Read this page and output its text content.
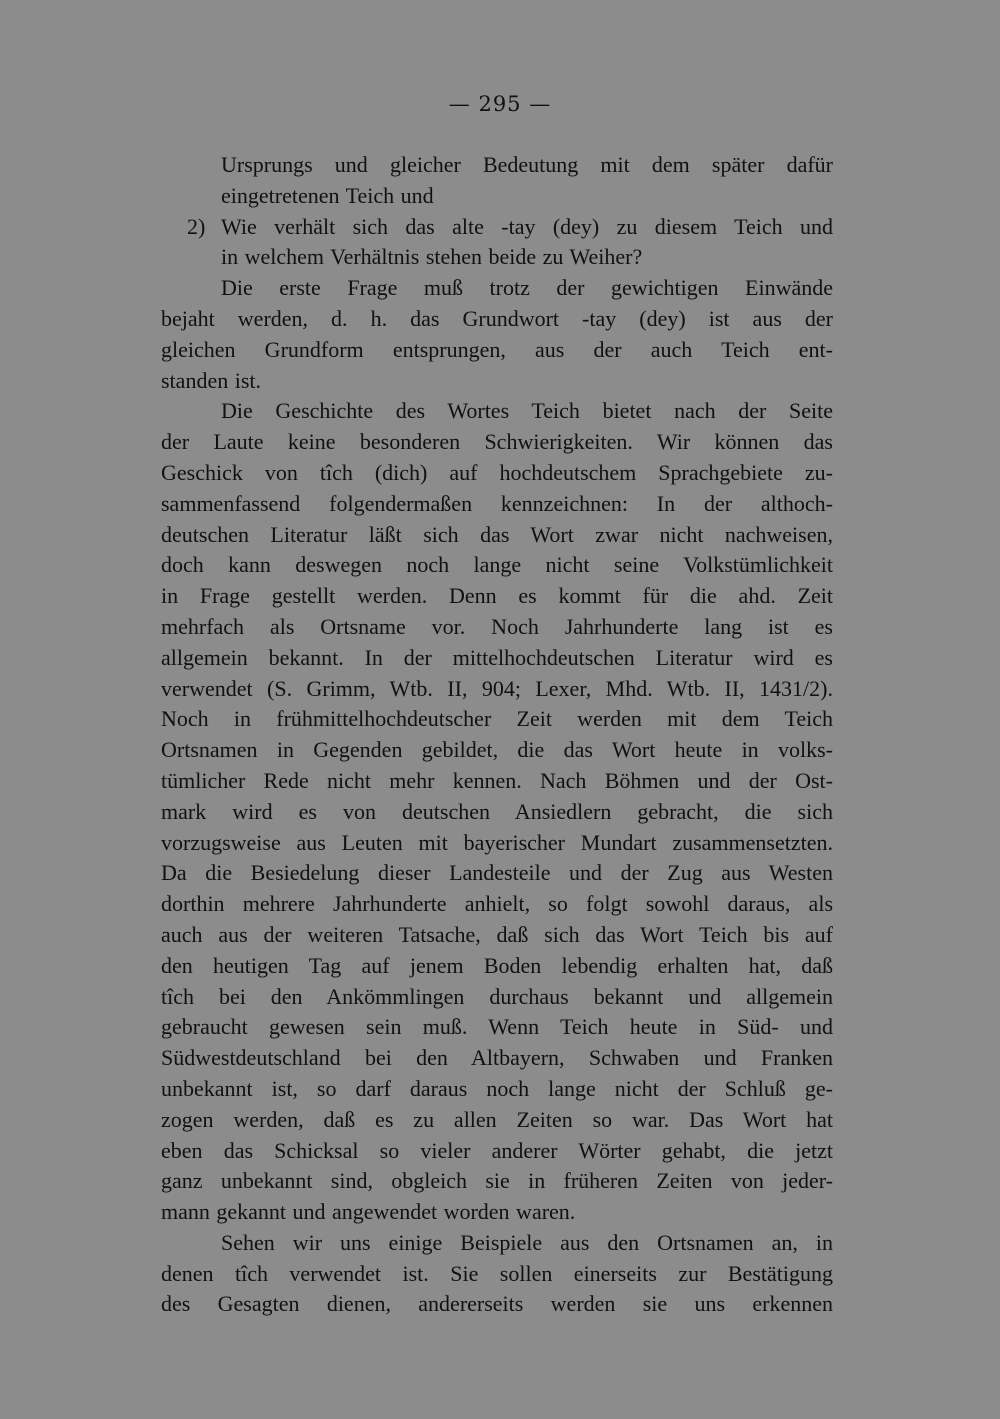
— 295 —
Ursprungs und gleicher Bedeutung mit dem später dafür
eingetretenen Teich und
2) Wie verhält sich das alte -tay (dey) zu diesem Teich und
in welchem Verhältnis stehen beide zu Weiher?
Die erste Frage muß trotz der gewichtigen Einwände
bejaht werden, d. h. das Grundwort -tay (dey) ist aus der
gleichen Grundform entsprungen, aus der auch Teich ent-
standen ist.
Die Geschichte des Wortes Teich bietet nach der Seite
der Laute keine besonderen Schwierigkeiten. Wir können das
Geschick von tîch (dich) auf hochdeutschem Sprachgebiete zu-
sammenfassend folgendermaßen kennzeichnen: In der althoch-
deutschen Literatur läßt sich das Wort zwar nicht nachweisen,
doch kann deswegen noch lange nicht seine Volkstümlichkeit
in Frage gestellt werden. Denn es kommt für die ahd. Zeit
mehrfach als Ortsname vor. Noch Jahrhunderte lang ist es
allgemein bekannt. In der mittelhochdeutschen Literatur wird es
verwendet (S. Grimm, Wtb. II, 904; Lexer, Mhd. Wtb. II, 1431/2).
Noch in frühmittelhochdeutscher Zeit werden mit dem Teich
Ortsnamen in Gegenden gebildet, die das Wort heute in volks-
tümlicher Rede nicht mehr kennen. Nach Böhmen und der Ost-
mark wird es von deutschen Ansiedlern gebracht, die sich
vorzugsweise aus Leuten mit bayerischer Mundart zusammensetzten.
Da die Besiedelung dieser Landesteile und der Zug aus Westen
dorthin mehrere Jahrhunderte anhielt, so folgt sowohl daraus, als
auch aus der weiteren Tatsache, daß sich das Wort Teich bis auf
den heutigen Tag auf jenem Boden lebendig erhalten hat, daß
tîch bei den Ankömmlingen durchaus bekannt und allgemein
gebraucht gewesen sein muß. Wenn Teich heute in Süd- und
Südwestdeutschland bei den Altbayern, Schwaben und Franken
unbekannt ist, so darf daraus noch lange nicht der Schluß ge-
zogen werden, daß es zu allen Zeiten so war. Das Wort hat
eben das Schicksal so vieler anderer Wörter gehabt, die jetzt
ganz unbekannt sind, obgleich sie in früheren Zeiten von jeder-
mann gekannt und angewendet worden waren.
Sehen wir uns einige Beispiele aus den Ortsnamen an, in
denen tîch verwendet ist. Sie sollen einerseits zur Bestätigung
des Gesagten dienen, andererseits werden sie uns erkennen
